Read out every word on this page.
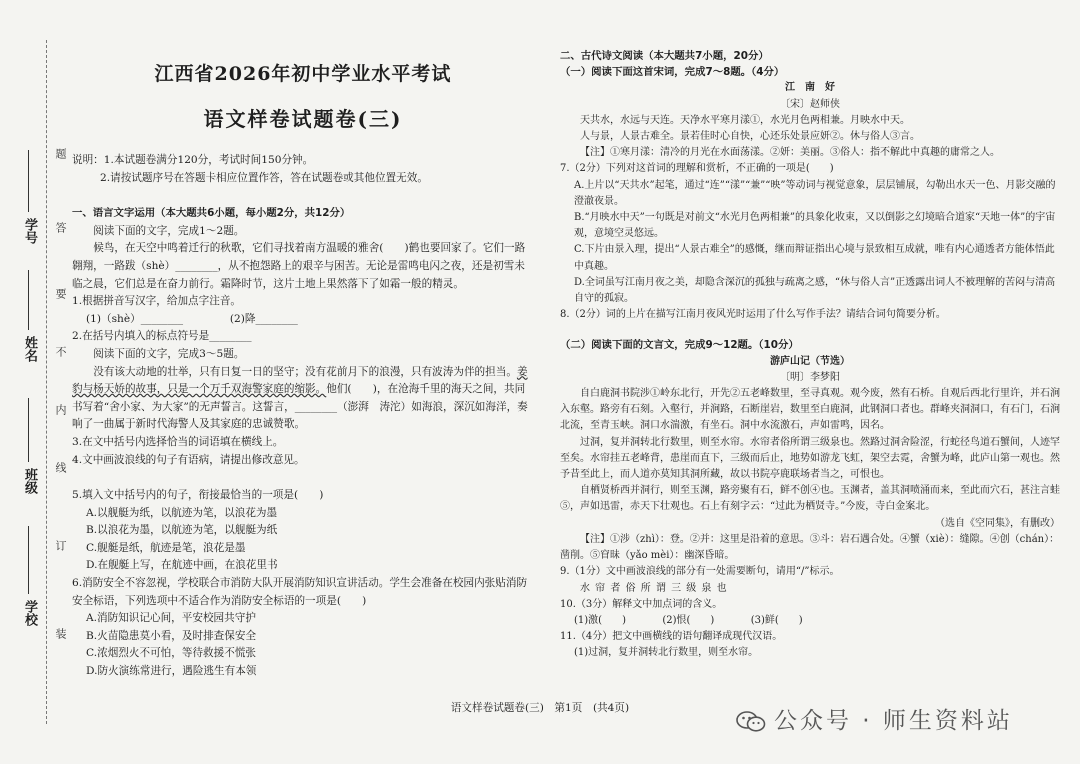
题
答
要
不
内
线
订
装
学号
姓名
班级
学校
江西省2026年初中学业水平考试
语文样卷试题卷(三)

说明：1.本试题卷满分120分，考试时间150分钟。

2.请按试题序号在答题卡相应位置作答，答在试题卷或其他位置无效。

一、语言文字运用（本大题共6小题，每小题2分，共12分）

阅读下面的文字，完成1～2题。

候鸟，在天空中鸣着迁行的秋歌，它们寻找着南方温暖的雅舍(　　)鹤也要回家了。它们一路翱翔，一路跋（shè）________，从不抱怨路上的艰辛与困苦。无论是雷鸣电闪之夜，还是初雪未临之晨，它们总是在奋力前行。霜降时节，这片土地上果然落下了如霜一般的精灵。

1.根据拼音写汉字，给加点字注音。

(1)（shè）________	(2)降________

2.在括号内填入的标点符号是________

阅读下面的文字，完成3～5题。

没有该大动地的壮举，只有日复一日的坚守；没有花前月下的浪漫，只有波涛为伴的担当。姜豹与杨天娇的故事，只是一个万千双海警家庭的缩影。他们(　　)，在沧海千里的海天之间，共同书写着“舍小家、为大家”的无声誓言。这誓言，________（澎湃　涛沱）如海浪，深沉如海洋，奏响了一曲属于新时代海警人及其家庭的忠诚赞歌。

3.在文中括号内选择恰当的词语填在横线上。

4.文中画波浪线的句子有语病，请提出修改意见。

5.填入文中括号内的句子，衔接最恰当的一项是(　　)

A.以舰艇为纸，以航迹为笔，以浪花为墨

B.以浪花为墨，以航迹为笔，以舰艇为纸

C.舰艇是纸，航迹是笔，浪花是墨

D.在舰艇上写，在航迹中画，在浪花里书

6.消防安全不容忽视，学校联合市消防大队开展消防知识宣讲活动。学生会准备在校园内张贴消防安全标语，下列选项中不适合作为消防安全标语的一项是(　　)

A.消防知识记心间，平安校园共守护

B.火苗隐患莫小看，及时排查保安全

C.浓烟烈火不可怕，等待救援不慌张

D.防火演练常进行，遇险逃生有本领

二、古代诗文阅读（本大题共7小题，20分）

（一）阅读下面这首宋词，完成7～8题。（4分）

江　南　好

〔宋〕赵师侠

天共水，水远与天连。天净水平寒月漾①，水光月色两相兼。月映水中天。

人与景，人景古难全。景若佳时心自快，心还乐处景应妍②。休与俗人③言。

【注】①寒月漾：清冷的月光在水面荡漾。②妍：美丽。③俗人：指不解此中真趣的庸常之人。

7.（2分）下列对这首词的理解和赏析，不正确的一项是(　　)

A.上片以“天共水”起笔，通过“连”“漾”“兼”“映”等动词与视觉意象，层层铺展，勾勒出水天一色、月影交融的澄澈夜景。

B.“月映水中天”一句既是对前文“水光月色两相兼”的具象化收束，又以倒影之幻境暗合道家“天地一体”的宇宙观，意境空灵悠远。

C.下片由景入理，提出“人景古难全”的感慨，继而辩证指出心境与景致相互成就，唯有内心通透者方能体悟此中真趣。

D.全词虽写江南月夜之美，却隐含深沉的孤独与疏离之感，“休与俗人言”正透露出词人不被理解的苦闷与清高自守的孤寂。

8.（2分）词的上片在描写江南月夜风光时运用了什么写作手法？请结合词句简要分析。

（二）阅读下面的文言文，完成9～12题。（10分）

游庐山记（节选）

〔明〕李梦阳

自白鹿洞书院涉①岭东北行，开先②五老峰数里，至寻真观。观今废，然有石桥。自观后西北行里许，并石涧入东壑。路旁有石刻。入壑行，并涧路，石断崖岩，数里至白鹿洞，此钢洞口者也。群峰夹洞洞口，有石门，石涧北流，至青玉峡。洞口水湍激，有坐石。洞中水流激石，声如雷鸣，因名。

过洞，复并洞转北行数里，则至水帘。水帘者俗所谓三级泉也。然路过洞舍险涩，行蛇径鸟道石蟹间，人迹罕至矣。水帘挂五老峰背，患崖而直下，三级而后止，地势如游龙飞虹，架空去霓，舍蟹为峰，此庐山第一观也。然予昔至此上，而人道亦莫知其洞所藏，故以书院亭鹿联场者当之，可恨也。

自栖贤桥西并洞行，则至玉渊，路旁聚有石，鲜不创④也。玉渊者，盖其洞喷涌而来，至此而穴石，甚注言蛙⑤，声如迅雷，赤天下壮观也。石上有刻字云：“过此为栖贤寺。”今废，寺白金案北。

（选自《空同集》，有删改）

【注】①涉（zhì）：登。②并：这里是沿着的意思。③斗：岩石遇合处。④蟹（xiè）：缝隙。④创（chán）：凿削。⑤窅昧（yǎo mèi）：幽深昏暗。

9.（1分）文中画波浪线的部分有一处需要断句，请用“/”标示。

水 帘 者 俗 所 谓 三 级 泉 也

10.（3分）解释文中加点词的含义。

(1)激(　　)	(2)恨(　　)	(3)鲜(　　)

11.（4分）把文中画横线的语句翻译成现代汉语。

(1)过洞，复并洞转北行数里，则至水帘。

语文样卷试题卷(三)　第1页　(共4页)	公众号 · 师生资料站
